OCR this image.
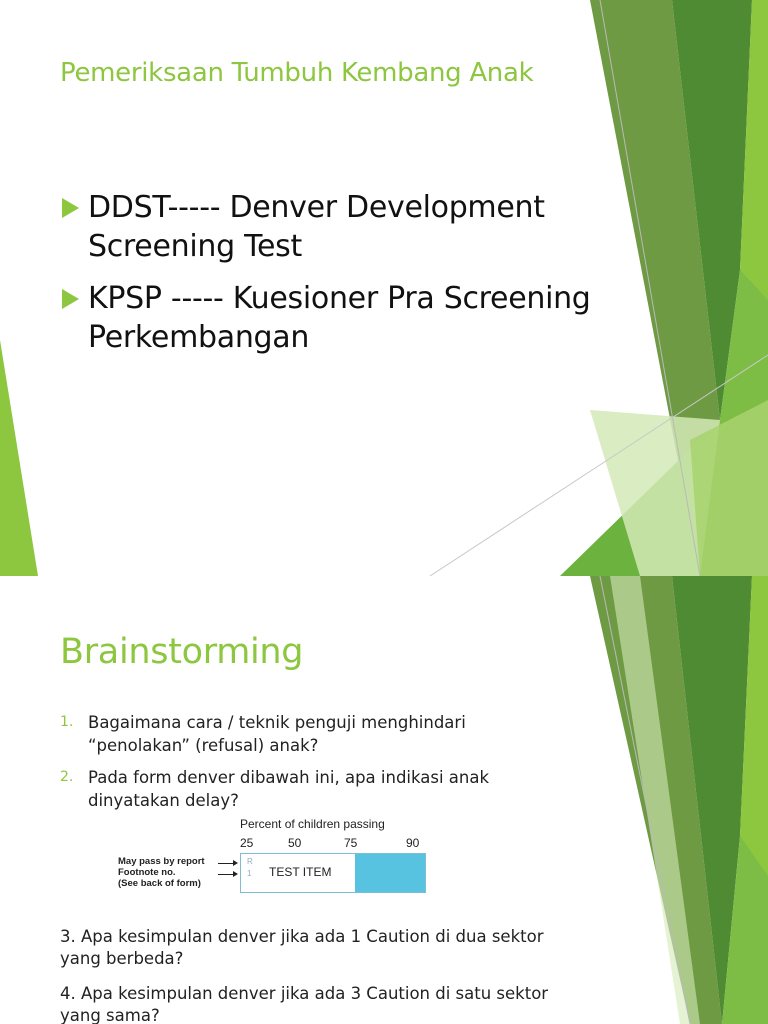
Pemeriksaan Tumbuh Kembang Anak
DDST----- Denver Development Screening Test
KPSP ----- Kuesioner Pra Screening Perkembangan
Brainstorming
1. Bagaimana cara / teknik penguji menghindari “penolakan” (refusal) anak?
2. Pada form denver dibawah ini, apa indikasi anak dinyatakan delay?
Percent of children passing
25	50	75	90
May pass by report
Footnote no.
(See back of form)
R
1 TEST ITEM

3. Apa kesimpulan denver jika ada 1 Caution di dua sektor yang berbeda?

4. Apa kesimpulan denver jika ada 3 Caution di satu sektor yang sama?
